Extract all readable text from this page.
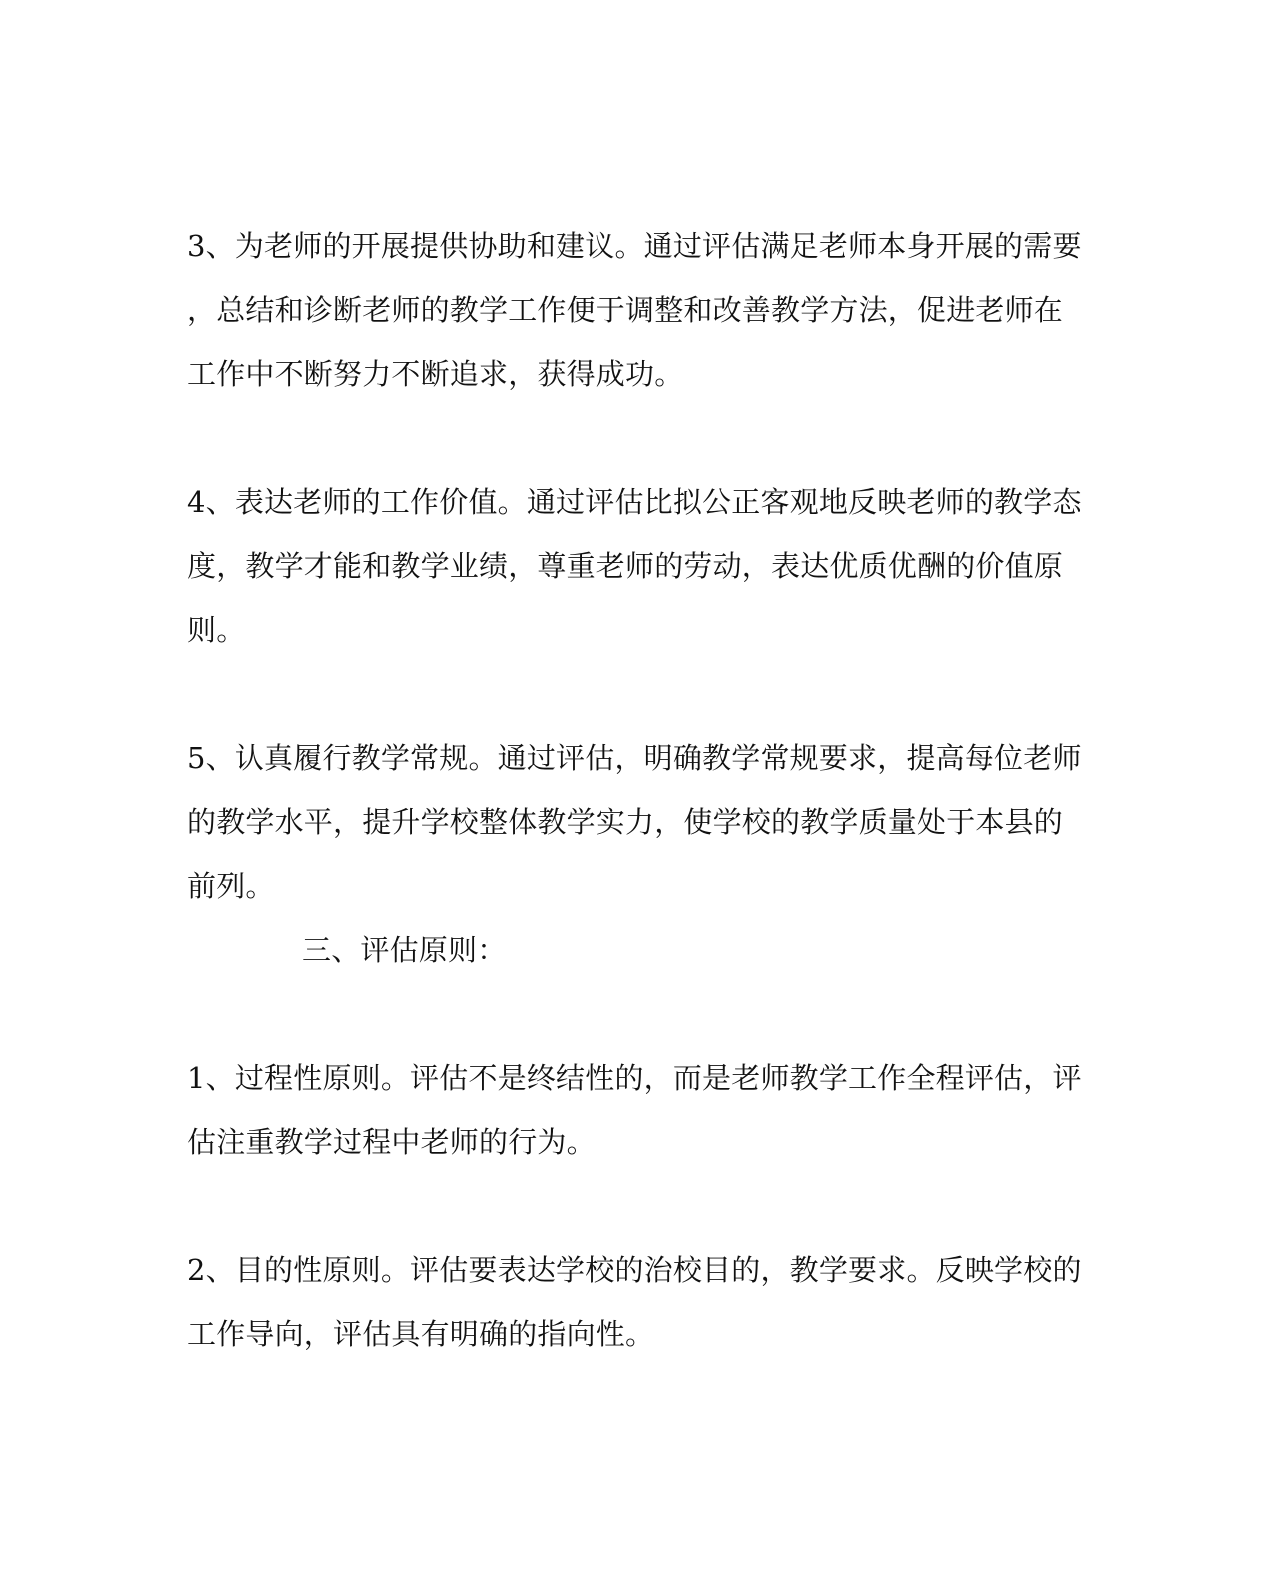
3、为老师的开展提供协助和建议。通过评估满足老师本身开展的需要
，总结和诊断老师的教学工作便于调整和改善教学方法，促进老师在
工作中不断努力不断追求，获得成功。
4、表达老师的工作价值。通过评估比拟公正客观地反映老师的教学态
度，教学才能和教学业绩，尊重老师的劳动，表达优质优酬的价值原
则。
5、认真履行教学常规。通过评估，明确教学常规要求，提高每位老师
的教学水平，提升学校整体教学实力，使学校的教学质量处于本县的
前列。
三、评估原则：
1、过程性原则。评估不是终结性的，而是老师教学工作全程评估，评
估注重教学过程中老师的行为。
2、目的性原则。评估要表达学校的治校目的，教学要求。反映学校的
工作导向，评估具有明确的指向性。
